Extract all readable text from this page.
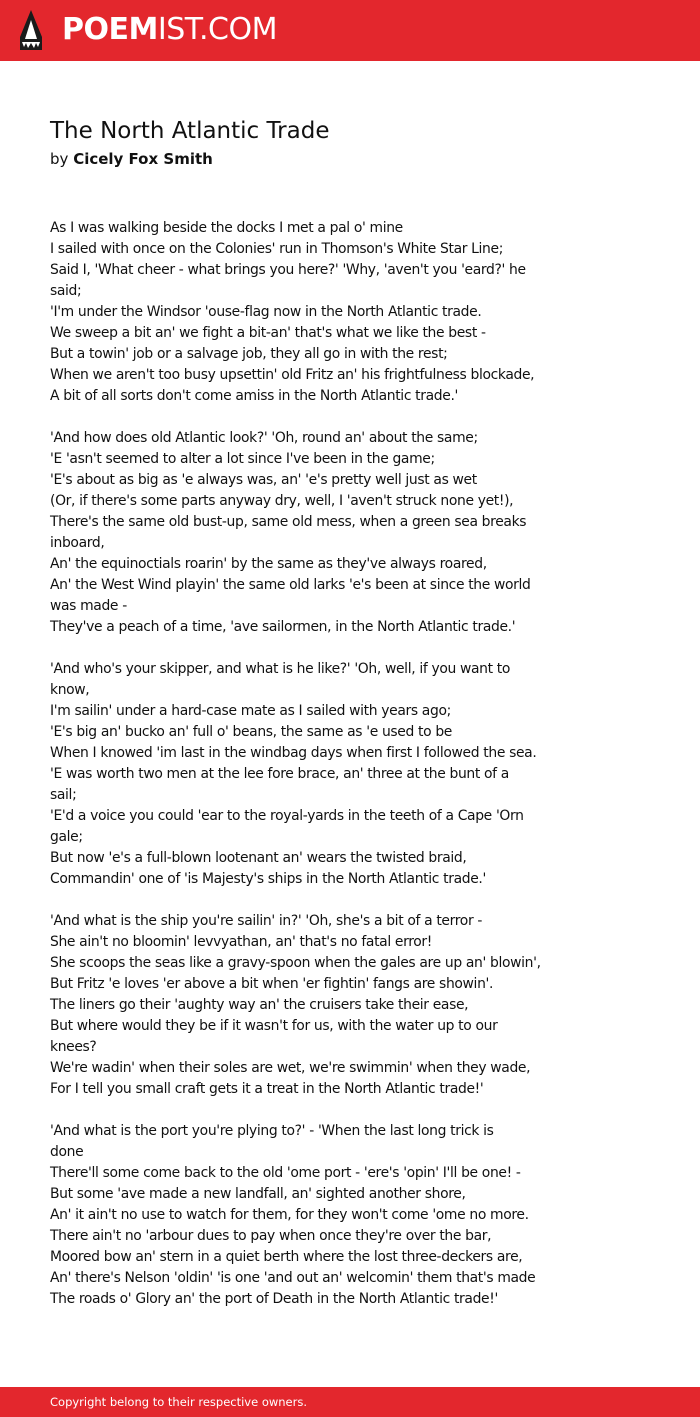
POEMIST.COM
The North Atlantic Trade
by Cicely Fox Smith
As I was walking beside the docks I met a pal o' mine
I sailed with once on the Colonies' run in Thomson's White Star Line;
Said I, 'What cheer - what brings you here?' 'Why, 'aven't you 'eard?' he
said;
'I'm under the Windsor 'ouse-flag now in the North Atlantic trade.
We sweep a bit an' we fight a bit-an' that's what we like the best -
But a towin' job or a salvage job, they all go in with the rest;
When we aren't too busy upsettin' old Fritz an' his frightfulness blockade,
A bit of all sorts don't come amiss in the North Atlantic trade.'
'And how does old Atlantic look?' 'Oh, round an' about the same;
'E 'asn't seemed to alter a lot since I've been in the game;
'E's about as big as 'e always was, an' 'e's pretty well just as wet
(Or, if there's some parts anyway dry, well, I 'aven't struck none yet!),
There's the same old bust-up, same old mess, when a green sea breaks
inboard,
An' the equinoctials roarin' by the same as they've always roared,
An' the West Wind playin' the same old larks 'e's been at since the world
was made -
They've a peach of a time, 'ave sailormen, in the North Atlantic trade.'
'And who's your skipper, and what is he like?' 'Oh, well, if you want to
know,
I'm sailin' under a hard-case mate as I sailed with years ago;
'E's big an' bucko an' full o' beans, the same as 'e used to be
When I knowed 'im last in the windbag days when first I followed the sea.
'E was worth two men at the lee fore brace, an' three at the bunt of a
sail;
'E'd a voice you could 'ear to the royal-yards in the teeth of a Cape 'Orn
gale;
But now 'e's a full-blown lootenant an' wears the twisted braid,
Commandin' one of 'is Majesty's ships in the North Atlantic trade.'
'And what is the ship you're sailin' in?' 'Oh, she's a bit of a terror -
She ain't no bloomin' levvyathan, an' that's no fatal error!
She scoops the seas like a gravy-spoon when the gales are up an' blowin',
But Fritz 'e loves 'er above a bit when 'er fightin' fangs are showin'.
The liners go their 'aughty way an' the cruisers take their ease,
But where would they be if it wasn't for us, with the water up to our
knees?
We're wadin' when their soles are wet, we're swimmin' when they wade,
For I tell you small craft gets it a treat in the North Atlantic trade!'
'And what is the port you're plying to?' - 'When the last long trick is
done
There'll some come back to the old 'ome port - 'ere's 'opin' I'll be one! -
But some 'ave made a new landfall, an' sighted another shore,
An' it ain't no use to watch for them, for they won't come 'ome no more.
There ain't no 'arbour dues to pay when once they're over the bar,
Moored bow an' stern in a quiet berth where the lost three-deckers are,
An' there's Nelson 'oldin' 'is one 'and out an' welcomin' them that's made
The roads o' Glory an' the port of Death in the North Atlantic trade!'
Copyright belong to their respective owners.
